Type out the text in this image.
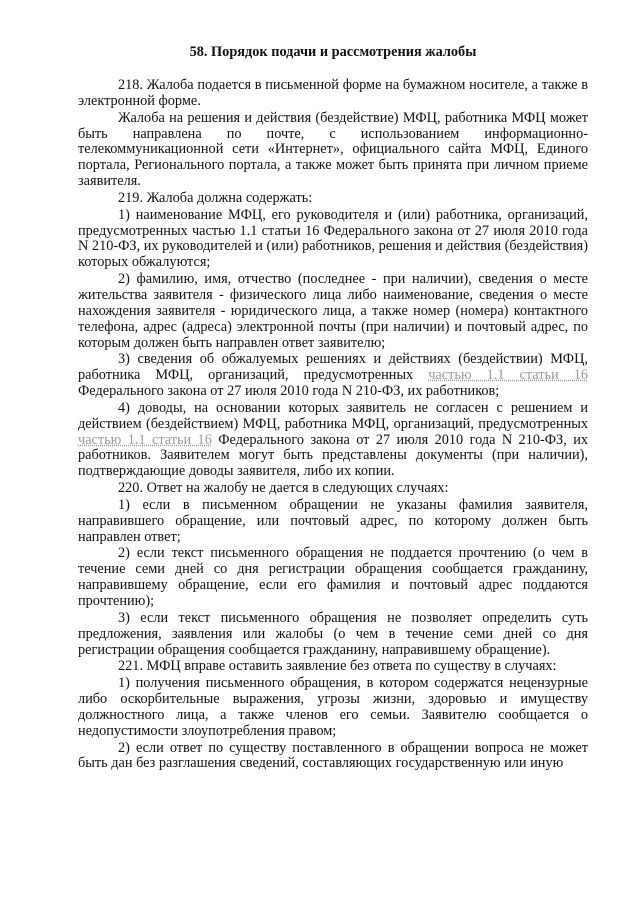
58. Порядок подачи и рассмотрения жалобы

218. Жалоба подается в письменной форме на бумажном носителе, а также в электронной форме.

Жалоба на решения и действия (бездействие) МФЦ, работника МФЦ может быть направлена по почте, с использованием информационно-телекоммуникационной сети «Интернет», официального сайта МФЦ, Единого портала, Регионального портала, а также может быть принята при личном приеме заявителя.

219. Жалоба должна содержать:

1) наименование МФЦ, его руководителя и (или) работника, организаций, предусмотренных частью 1.1 статьи 16 Федерального закона от 27 июля 2010 года N 210-ФЗ, их руководителей и (или) работников, решения и действия (бездействия) которых обжалуются;

2) фамилию, имя, отчество (последнее - при наличии), сведения о месте жительства заявителя - физического лица либо наименование, сведения о месте нахождения заявителя - юридического лица, а также номер (номера) контактного телефона, адрес (адреса) электронной почты (при наличии) и почтовый адрес, по которым должен быть направлен ответ заявителю;

3) сведения об обжалуемых решениях и действиях (бездействии) МФЦ, работника МФЦ, организаций, предусмотренных частью 1.1 статьи 16 Федерального закона от 27 июля 2010 года N 210-ФЗ, их работников;

4) доводы, на основании которых заявитель не согласен с решением и действием (бездействием) МФЦ, работника МФЦ, организаций, предусмотренных частью 1.1 статьи 16 Федерального закона от 27 июля 2010 года N 210-ФЗ, их работников. Заявителем могут быть представлены документы (при наличии), подтверждающие доводы заявителя, либо их копии.

220. Ответ на жалобу не дается в следующих случаях:

1) если в письменном обращении не указаны фамилия заявителя, направившего обращение, или почтовый адрес, по которому должен быть направлен ответ;

2) если текст письменного обращения не поддается прочтению (о чем в течение семи дней со дня регистрации обращения сообщается гражданину, направившему обращение, если его фамилия и почтовый адрес поддаются прочтению);

3) если текст письменного обращения не позволяет определить суть предложения, заявления или жалобы (о чем в течение семи дней со дня регистрации обращения сообщается гражданину, направившему обращение).

221. МФЦ вправе оставить заявление без ответа по существу в случаях:

1) получения письменного обращения, в котором содержатся нецензурные либо оскорбительные выражения, угрозы жизни, здоровью и имуществу должностного лица, а также членов его семьи. Заявителю сообщается о недопустимости злоупотребления правом;

2) если ответ по существу поставленного в обращении вопроса не может быть дан без разглашения сведений, составляющих государственную или иную
